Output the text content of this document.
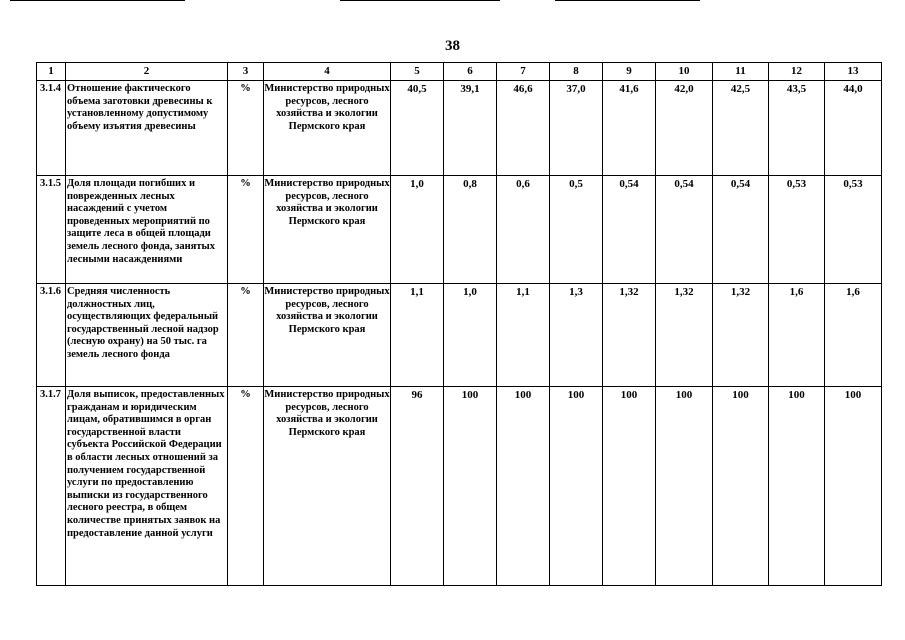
38
1	2	3	4	5	6	7	8	9	10	11	12	13
3.1.4	Отношение фактического объема заготовки древесины к установленному допустимому объему изъятия древесины	%	Министерство природных ресурсов, лесного хозяйства и экологии Пермского края	40,5	39,1	46,6	37,0	41,6	42,0	42,5	43,5	44,0
3.1.5	Доля площади погибших и поврежденных лесных насаждений с учетом проведенных мероприятий по защите леса в общей площади земель лесного фонда, занятых лесными насаждениями	%	Министерство природных ресурсов, лесного хозяйства и экологии Пермского края	1,0	0,8	0,6	0,5	0,54	0,54	0,54	0,53	0,53
3.1.6	Средняя численность должностных лиц, осуществляющих федеральный государственный лесной надзор (лесную охрану) на 50 тыс. га земель лесного фонда	%	Министерство природных ресурсов, лесного хозяйства и экологии Пермского края	1,1	1,0	1,1	1,3	1,32	1,32	1,32	1,6	1,6
3.1.7	Доля выписок, предоставленных гражданам и юридическим лицам, обратившимся в орган государственной власти субъекта Российской Федерации в области лесных отношений за получением государственной услуги по предоставлению выписки из государственного лесного реестра, в общем количестве принятых заявок на предоставление данной услуги	%	Министерство природных ресурсов, лесного хозяйства и экологии Пермского края	96	100	100	100	100	100	100	100	100
